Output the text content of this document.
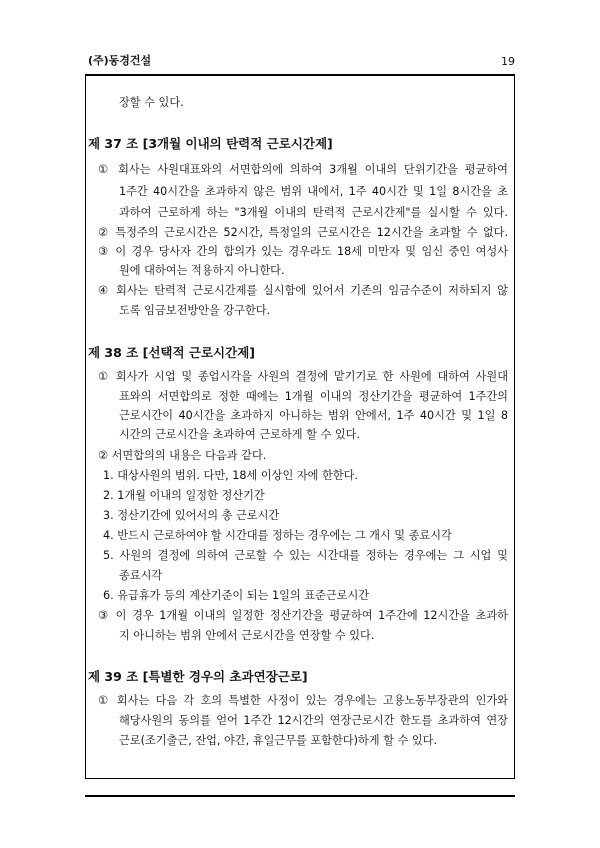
(주)동경건설	19
장할 수 있다.
제 37 조 [3개월 이내의 탄력적 근로시간제]
① 회사는 사원대표와의 서면합의에 의하여 3개월 이내의 단위기간을 평균하여
1주간 40시간을 초과하지 않은 범위 내에서, 1주 40시간 및 1일 8시간을 초
과하여 근로하게 하는 "3개월 이내의 탄력적 근로시간제"를 실시할 수 있다.
② 특정주의 근로시간은 52시간, 특정일의 근로시간은 12시간을 초과할 수 없다.
③ 이 경우 당사자 간의 합의가 있는 경우라도 18세 미만자 및 임신 중인 여성사
원에 대하여는 적용하지 아니한다.
④ 회사는 탄력적 근로시간제를 실시함에 있어서 기존의 임금수준이 저하되지 않
도록 임금보전방안을 강구한다.
제 38 조 [선택적 근로시간제]
① 회사가 시업 및 종업시각을 사원의 결정에 맡기기로 한 사원에 대하여 사원대
표와의 서면합의로 정한 때에는 1개월 이내의 정산기간을 평균하여 1주간의
근로시간이 40시간을 초과하지 아니하는 범위 안에서, 1주 40시간 및 1일 8
시간의 근로시간을 초과하여 근로하게 할 수 있다.
② 서면합의의 내용은 다음과 같다.
1. 대상사원의 범위. 다만, 18세 이상인 자에 한한다.
2. 1개월 이내의 일정한 정산기간
3. 정산기간에 있어서의 총 근로시간
4. 반드시 근로하여야 할 시간대를 정하는 경우에는 그 개시 및 종료시각
5. 사원의 결정에 의하여 근로할 수 있는 시간대를 정하는 경우에는 그 시업 및
종료시각
6. 유급휴가 등의 계산기준이 되는 1일의 표준근로시간
③ 이 경우 1개월 이내의 일정한 정산기간을 평균하여 1주간에 12시간을 초과하
지 아니하는 범위 안에서 근로시간을 연장할 수 있다.
제 39 조 [특별한 경우의 초과연장근로]
① 회사는 다음 각 호의 특별한 사정이 있는 경우에는 고용노동부장관의 인가와
해당사원의 동의를 얻어 1주간 12시간의 연장근로시간 한도를 초과하여 연장
근로(조기출근, 잔업, 야간, 휴일근무를 포함한다)하게 할 수 있다.
